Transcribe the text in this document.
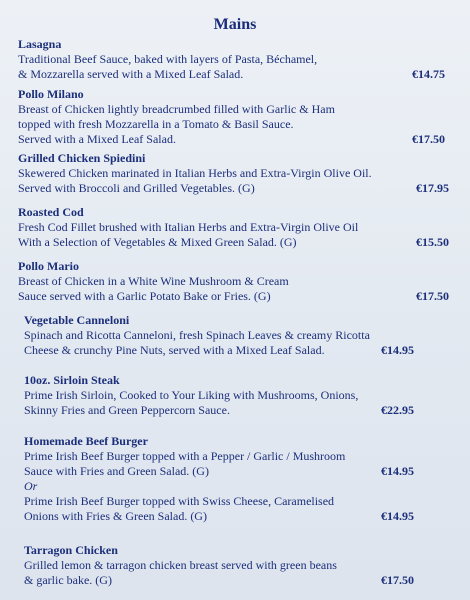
Mains
Lasagna
Traditional Beef Sauce, baked with layers of Pasta, Béchamel,
& Mozzarella served with a Mixed Leaf Salad.	€14.75
Pollo Milano
Breast of Chicken lightly breadcrumbed filled with Garlic & Ham
topped with fresh Mozzarella in a Tomato & Basil Sauce.
Served with a Mixed Leaf Salad.	€17.50
Grilled Chicken Spiedini
Skewered Chicken marinated in Italian Herbs and Extra-Virgin Olive Oil.
Served with Broccoli and Grilled Vegetables. (G)	€17.95
Roasted Cod
Fresh Cod Fillet brushed with Italian Herbs and Extra-Virgin Olive Oil
With a Selection of Vegetables & Mixed Green Salad. (G)	€15.50
Pollo Mario
Breast of Chicken in a White Wine Mushroom & Cream
Sauce served with a Garlic Potato Bake or Fries. (G)	€17.50
Vegetable Canneloni
Spinach and Ricotta Canneloni, fresh Spinach Leaves & creamy Ricotta
Cheese & crunchy Pine Nuts, served with a Mixed Leaf Salad.	€14.95
10oz. Sirloin Steak
Prime Irish Sirloin, Cooked to Your Liking with Mushrooms, Onions,
Skinny Fries and Green Peppercorn Sauce.	€22.95
Homemade Beef Burger
Prime Irish Beef Burger topped with a Pepper / Garlic / Mushroom
Sauce with Fries and Green Salad. (G)	€14.95
Or
Prime Irish Beef Burger topped with Swiss Cheese, Caramelised
Onions with Fries & Green Salad. (G)	€14.95
Tarragon Chicken
Grilled lemon & tarragon chicken breast served with green beans
& garlic bake. (G)	€17.50
